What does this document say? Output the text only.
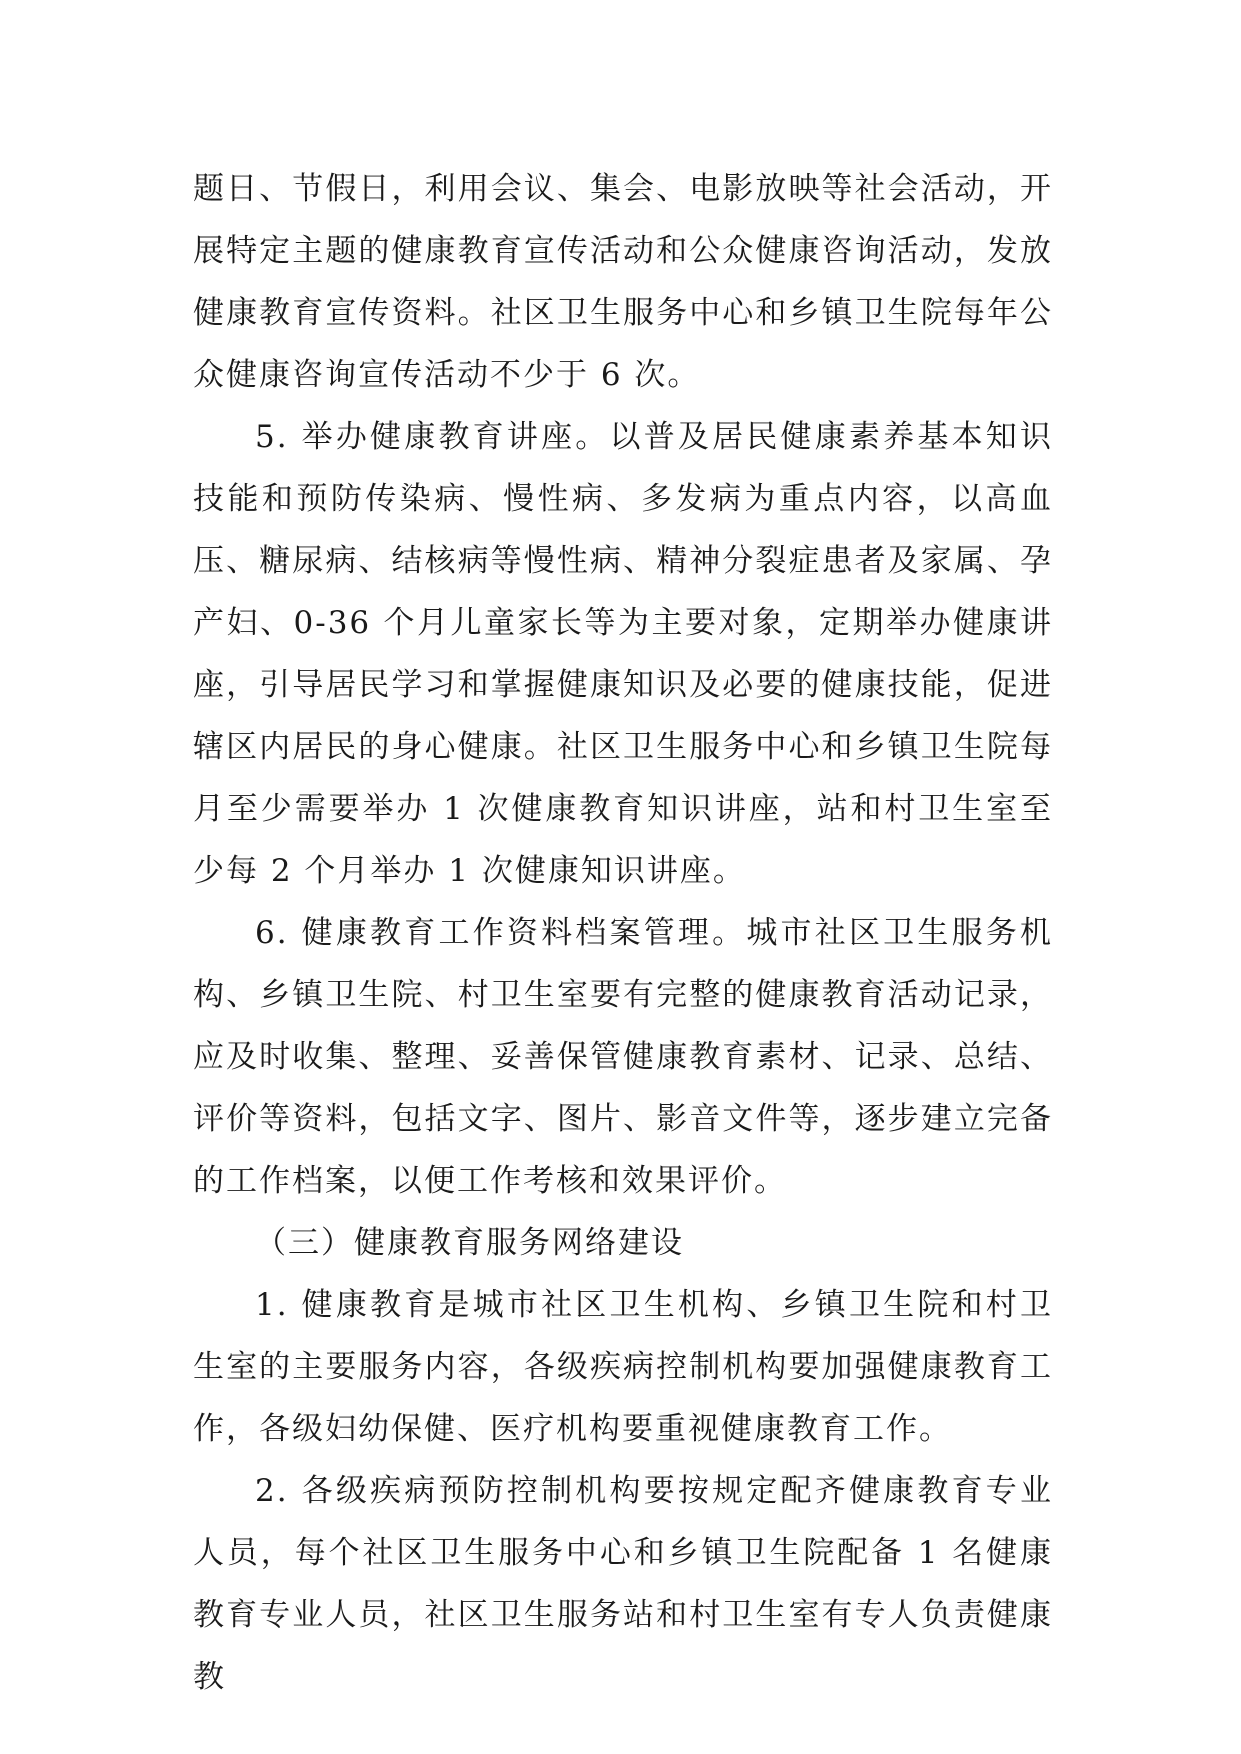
题日、节假日，利用会议、集会、电影放映等社会活动，开展特定主题的健康教育宣传活动和公众健康咨询活动，发放健康教育宣传资料。社区卫生服务中心和乡镇卫生院每年公众健康咨询宣传活动不少于 6 次。

5. 举办健康教育讲座。以普及居民健康素养基本知识技能和预防传染病、慢性病、多发病为重点内容，以高血压、糖尿病、结核病等慢性病、精神分裂症患者及家属、孕产妇、0-36 个月儿童家长等为主要对象，定期举办健康讲座，引导居民学习和掌握健康知识及必要的健康技能，促进辖区内居民的身心健康。社区卫生服务中心和乡镇卫生院每月至少需要举办 1 次健康教育知识讲座，站和村卫生室至少每 2 个月举办 1 次健康知识讲座。

6. 健康教育工作资料档案管理。城市社区卫生服务机构、乡镇卫生院、村卫生室要有完整的健康教育活动记录，应及时收集、整理、妥善保管健康教育素材、记录、总结、评价等资料，包括文字、图片、影音文件等，逐步建立完备的工作档案，以便工作考核和效果评价。

（三）健康教育服务网络建设

1. 健康教育是城市社区卫生机构、乡镇卫生院和村卫生室的主要服务内容，各级疾病控制机构要加强健康教育工作，各级妇幼保健、医疗机构要重视健康教育工作。

2. 各级疾病预防控制机构要按规定配齐健康教育专业人员，每个社区卫生服务中心和乡镇卫生院配备 1 名健康教育专业人员，社区卫生服务站和村卫生室有专人负责健康教
